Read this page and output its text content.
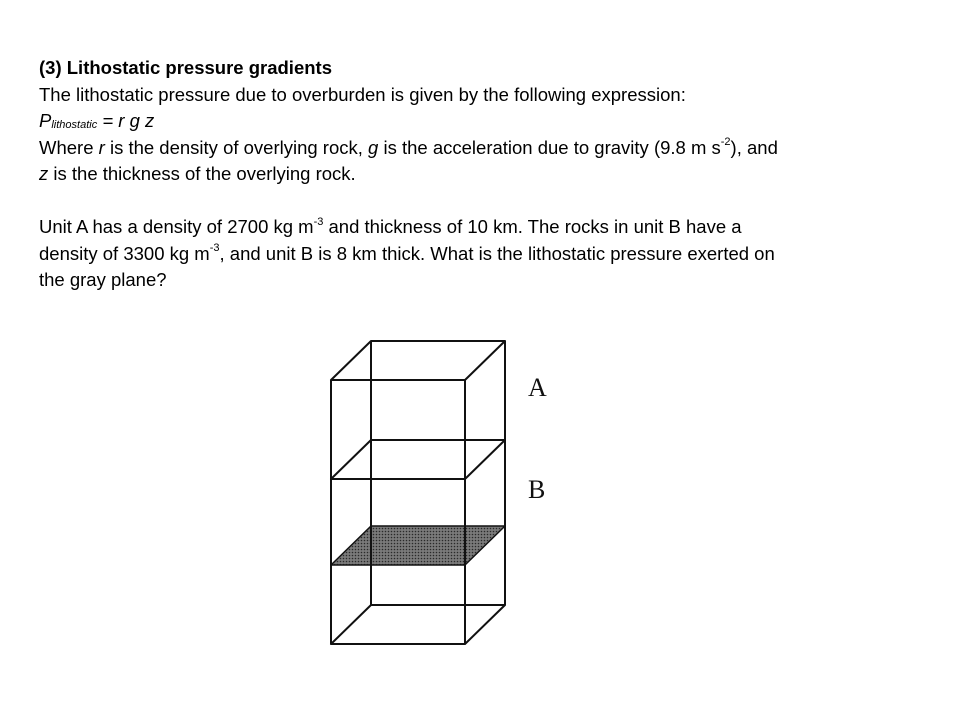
(3) Lithostatic pressure gradients
The lithostatic pressure due to overburden is given by the following expression:
$P_{lithostatic} = r$ g z
Where r is the density of overlying rock, g is the acceleration due to gravity (9.8 m $s^{-2}$), and
z is the thickness of the overlying rock.
Unit A has a density of 2700 kg $m^{-3}$ and thickness of 10 km. The rocks in unit B have a
density of 3300 kg $m^{-3}$, and unit B is 8 km thick. What is the lithostatic pressure exerted on
the gray plane?
A
B
